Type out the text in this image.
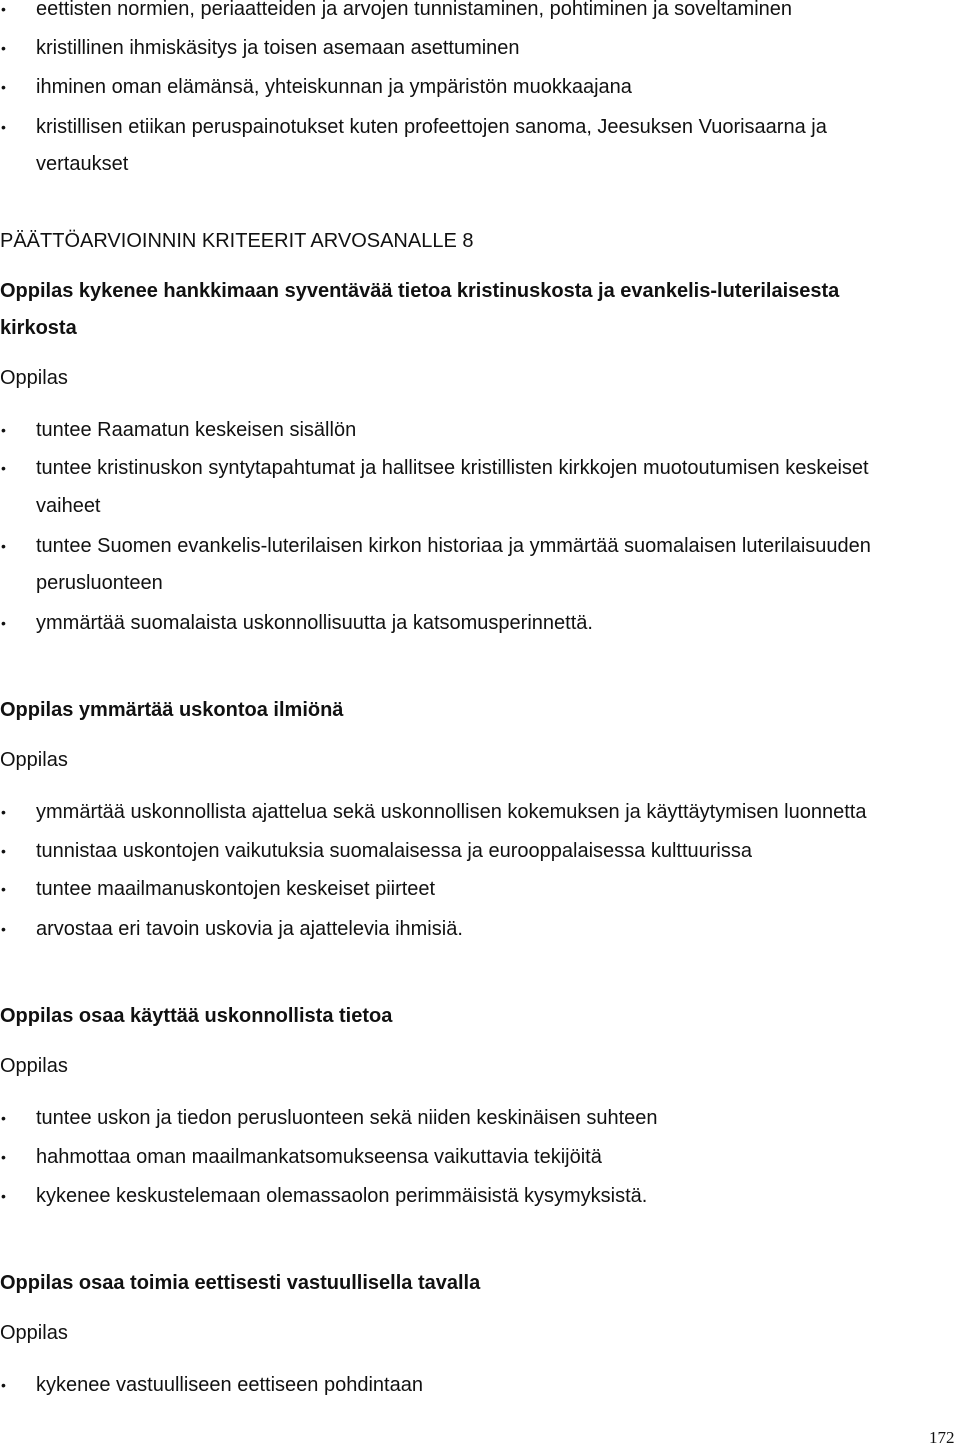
• eettisten normien, periaatteiden ja arvojen tunnistaminen, pohtiminen ja soveltaminen
• kristillinen ihmiskäsitys ja toisen asemaan asettuminen
• ihminen oman elämänsä, yhteiskunnan ja ympäristön muokkaajana
• kristillisen etiikan peruspainotukset kuten profeettojen sanoma, Jeesuksen Vuorisaarna ja
vertaukset
PÄÄTTÖARVIOINNIN KRITEERIT ARVOSANALLE 8
Oppilas kykenee hankkimaan syventävää tietoa kristinuskosta ja evankelis-luterilaisesta
kirkosta
Oppilas
• tuntee Raamatun keskeisen sisällön
• tuntee kristinuskon syntytapahtumat ja hallitsee kristillisten kirkkojen muotoutumisen keskeiset
vaiheet
• tuntee Suomen evankelis-luterilaisen kirkon historiaa ja ymmärtää suomalaisen luterilaisuuden
perusluonteen
• ymmärtää suomalaista uskonnollisuutta ja katsomusperinnettä.
Oppilas ymmärtää uskontoa ilmiönä
Oppilas
• ymmärtää uskonnollista ajattelua sekä uskonnollisen kokemuksen ja käyttäytymisen luonnetta
• tunnistaa uskontojen vaikutuksia suomalaisessa ja eurooppalaisessa kulttuurissa
• tuntee maailmanuskontojen keskeiset piirteet
• arvostaa eri tavoin uskovia ja ajattelevia ihmisiä.
Oppilas osaa käyttää uskonnollista tietoa
Oppilas
• tuntee uskon ja tiedon perusluonteen sekä niiden keskinäisen suhteen
• hahmottaa oman maailmankatsomukseensa vaikuttavia tekijöitä
• kykenee keskustelemaan olemassaolon perimmäisistä kysymyksistä.
Oppilas osaa toimia eettisesti vastuullisella tavalla
Oppilas
• kykenee vastuulliseen eettiseen pohdintaan
172
